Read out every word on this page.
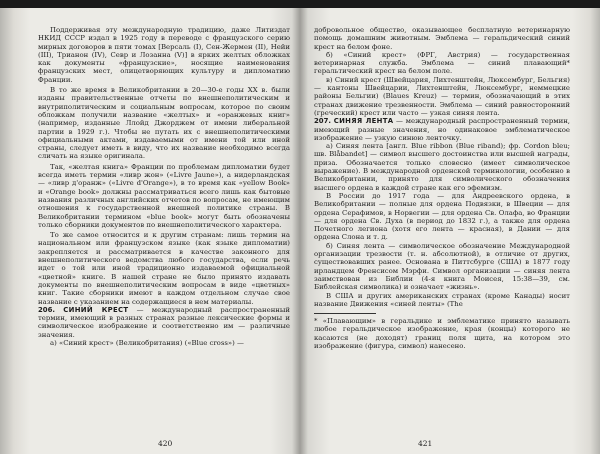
Поддерживая эту международную традицию, даже Литиздат НКИД СССР издал в 1925 году в переводе с французского серию мирных договоров в пяти томах [Версаль (I), Сен-Жермен (II), Нейи (III), Трианон (IV), Севр и Лозанна (V)] в ярких желтых обложках как документы «французские», носящие наименования французских мест, олицетворяющих культуру и дипломатию Франции.

В то же время в Великобритании в 20—30-е годы XX в. были изданы правительственные отчеты по внешнеполитическим и внутриполитическим и социальным вопросам, которое по своим обложкам получили название «желтых» и «оранжевых книг» (например, изданные Ллойд Джорджем от имени либеральной партии в 1929 г.). Чтобы не путать их с внешнеполитическими официальными актами, издаваемыми от имени той или иной страны, следует иметь в виду, что их название необходимо всегда сличать на языке оригинала.

Так, «желтая книга» Франции по проблемам дипломатии будет всегда иметь термин «ливр жон» («Livre Jaune»), а нидерландская — «ливр д'оранж» («Livre d'Orange»), в то время как «yellow Book» и «Orange book» должны рассматриваться всего лишь как бытовые названия различных английских отчетов по вопросам, не имеющим отношения к государственной внешней политике страны. В Великобритании термином «blue book» могут быть обозначены только сборники документов по внешнеполитического характера.

То же самое относится и к другим странам: лишь термин на национальном или французском языке (как языке дипломатии) закрепляется и рассматривается в качестве законного для внешнеполитического ведомства любого государства, если речь идет о той или иной традиционно издаваемой официальной «цветной» книге. В нашей стране не было принято издавать документы по внешнеполитическим вопросам в виде «цветных» книг. Такие сборники имеют в каждом отдельном случае свое название с указанием на содержащиеся в нем материалы.

206. СИНИЙ КРЕСТ — международный распространенный термин, имеющий в разных странах разные лексические формы и символическое изображение и соответственно им — различные значения.

а) «Синий крест» (Великобритания) («Blue cross») —

420

добровольное общество, оказывающее бесплатную ветеринарную помощь домашним животным. Эмблема — геральдический синий крест на белом фоне.

б) «Синий крест» (ФРГ, Австрия) — государственная ветеринарная служба. Эмблема — синий плавающий* геральтический крест на белом поле.

в) Синий крест (Швейцария, Лихтенштейн, Люксембург, Бельгия) — кантоны Швейцарии, Лихтенштейн, Люксембург, неммецкие районы Бельгии) (Blaues Kreuz) — термин, обозначающий в этих странах движение трезвенности. Эмблема — синий равносторонний (греческий) крест или часто — узкая синяя лента.

207. СИНЯЯ ЛЕНТА — международный распространенный термин, имеющий разные значения, но одинаковое эмблематическое изображение — узкую синюю ленточку.

а) Синяя лента [англ. Blue ribbon (Blue riband); фр. Cordon bleu; шв. Blåbandet] — символ высшего достоинства или высшей награды, приза. Обозначается только словесно (имеет символическое выражение). В международной орденской терминологии, особенно в Великобритании, принято для символического обозначения высшего ордена в каждой стране как его эфемизм.

В России до 1917 года — для Андреевского ордена, в Великобритании — полные для ордена Подвязки, в Швеции — для ордена Серафимов, в Норвегии — для ордена Св. Олафа, во Франции — для ордена Св. Духа (в период до 1832 г.), а также для ордена Почетного легиона (хотя его лента — красная), в Дании — для ордена Слона и т. д.

б) Синяя лента — символическое обозначение Международной организации трезвости (т. н. абсолютной), в отличие от других, существовавших ранее. Основана в Питтсбурге (США) в 1877 году ирландцем Френсисом Мэрфи. Символ организации — синяя лента заимствован из Библии (4-я книга Моисея, 15:38—39, см. Библейская символика) и означает «жизнь».

В США и других американских странах (кроме Канады) носит название Движения «синей ленты» (The

* «Плавающим» в геральдике и эмблематике принято называть любое геральдическое изображение, края (концы) которого не касаются (не доходят) границ поля щита, на котором это изображение (фигура, символ) нанесено.

421
